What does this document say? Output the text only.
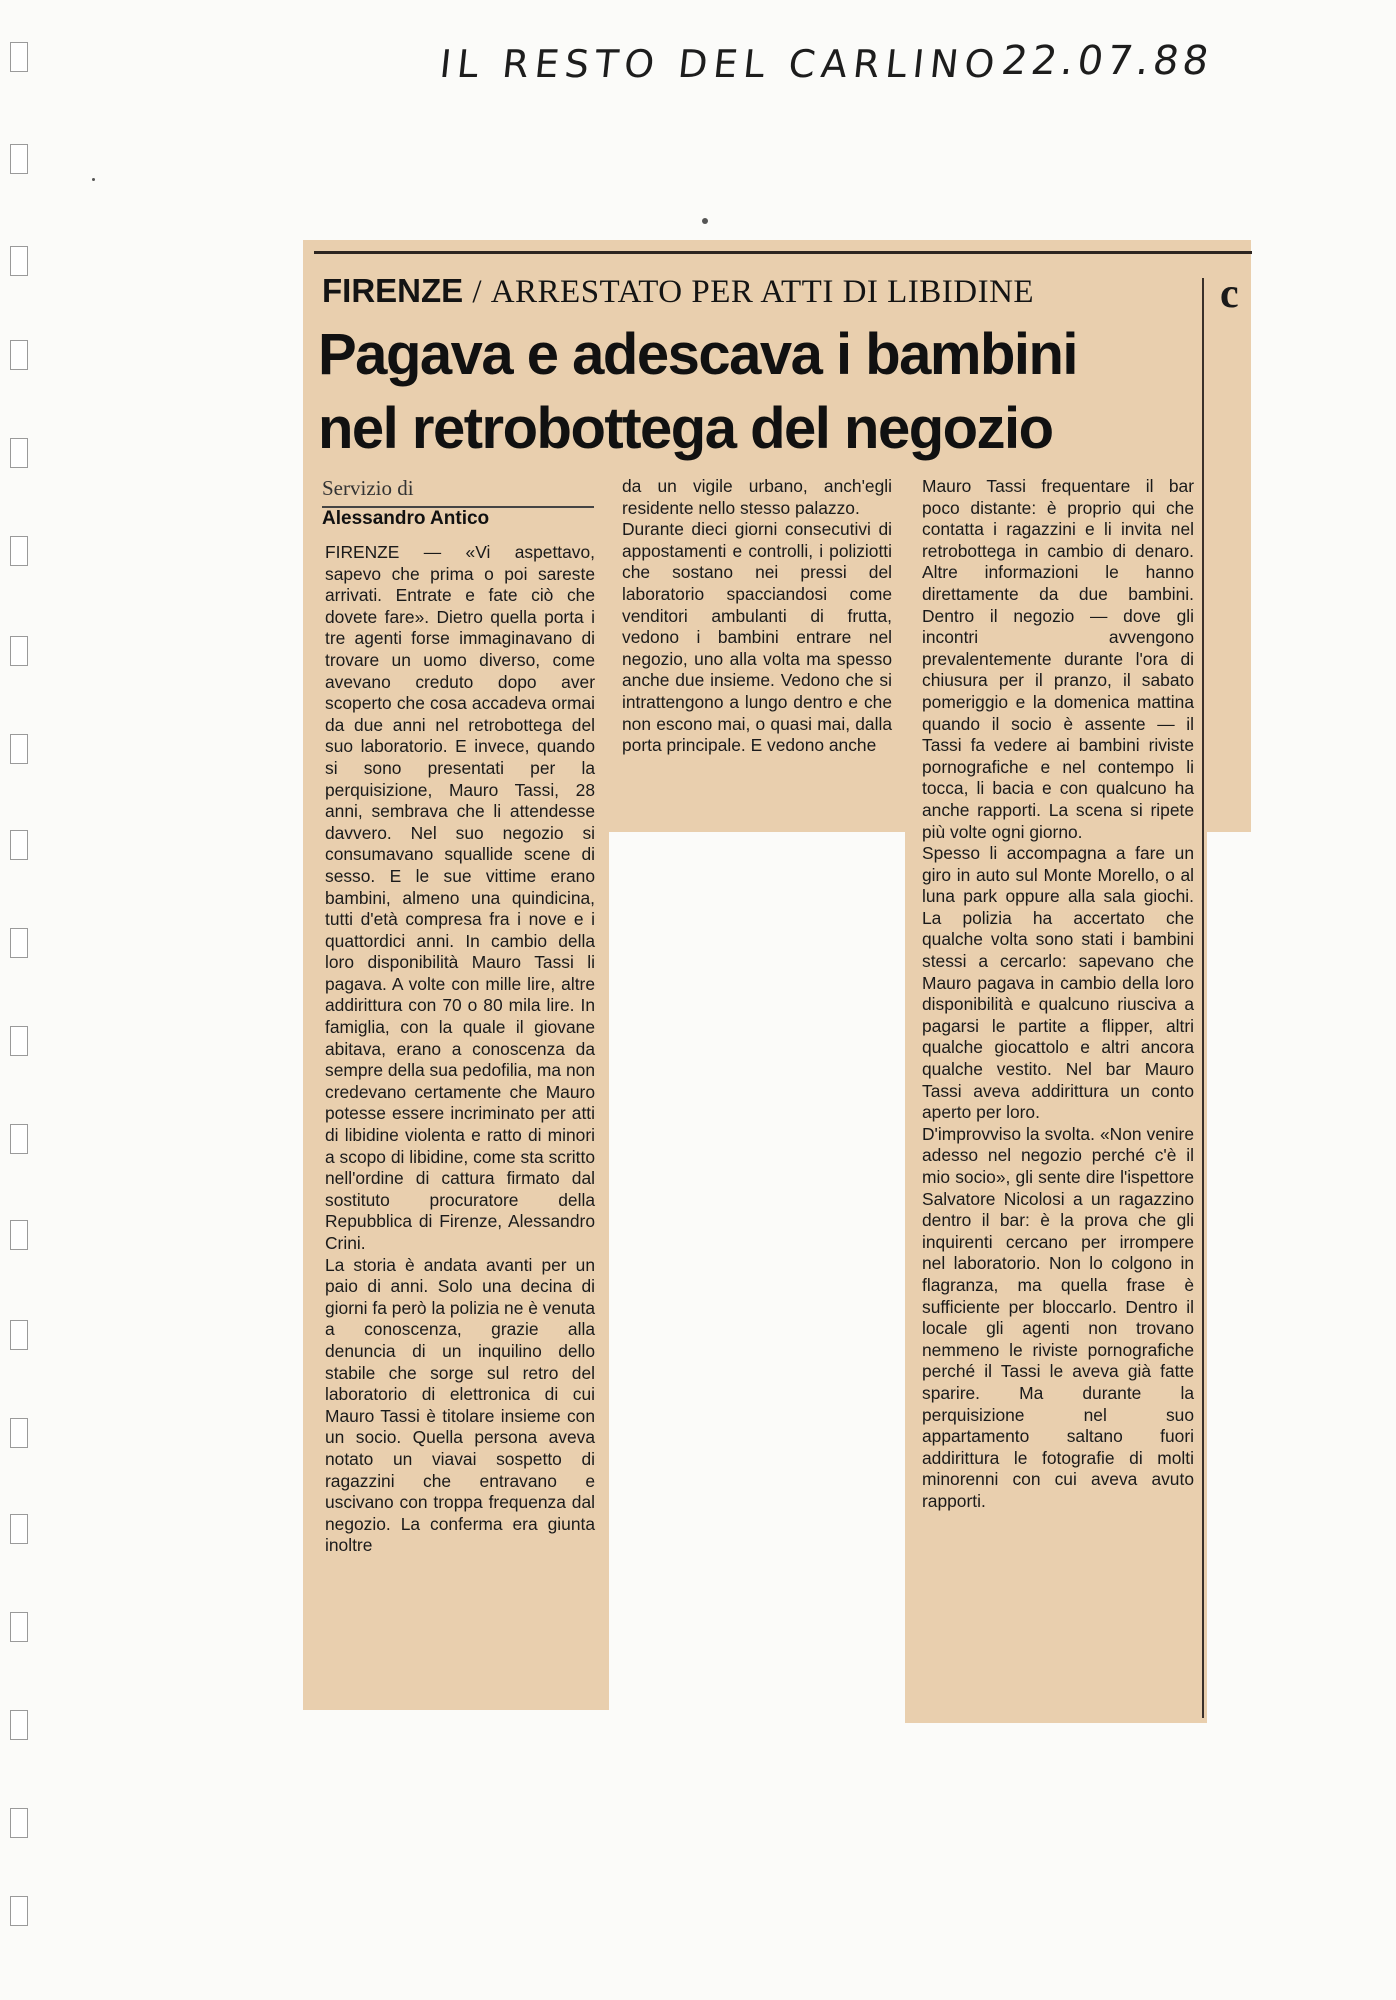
IL RESTO DEL CARLINO
22.07.88
c
FIRENZE / ARRESTATO PER ATTI DI LIBIDINE
Pagava e adescava i bambini
nel retrobottega del negozio
Servizio di
Alessandro Antico

FIRENZE — «Vi aspettavo, sapevo che prima o poi sareste arrivati. Entrate e fate ciò che dovete fare». Dietro quella porta i tre agenti forse immaginavano di trovare un uomo diverso, come avevano creduto dopo aver scoperto che cosa accadeva ormai da due anni nel retrobottega del suo laboratorio. E invece, quando si sono presentati per la perquisizione, Mauro Tassi, 28 anni, sembrava che li attendesse davvero. Nel suo negozio si consumavano squallide scene di sesso. E le sue vittime erano bambini, almeno una quindicina, tutti d'età compresa fra i nove e i quattordici anni. In cambio della loro disponibilità Mauro Tassi li pagava. A volte con mille lire, altre addirittura con 70 o 80 mila lire. In famiglia, con la quale il giovane abitava, erano a conoscenza da sempre della sua pedofilia, ma non credevano certamente che Mauro potesse essere incriminato per atti di libidine violenta e ratto di minori a scopo di libidine, come sta scritto nell'ordine di cattura firmato dal sostituto procuratore della Repubblica di Firenze, Alessandro Crini.

La storia è andata avanti per un paio di anni. Solo una decina di giorni fa però la polizia ne è venuta a conoscenza, grazie alla denuncia di un inquilino dello stabile che sorge sul retro del laboratorio di elettronica di cui Mauro Tassi è titolare insieme con un socio. Quella persona aveva notato un viavai sospetto di ragazzini che entravano e uscivano con troppa frequenza dal negozio. La conferma era giunta inoltre

da un vigile urbano, anch'egli residente nello stesso palazzo.

Durante dieci giorni consecutivi di appostamenti e controlli, i poliziotti che sostano nei pressi del laboratorio spacciandosi come venditori ambulanti di frutta, vedono i bambini entrare nel negozio, uno alla volta ma spesso anche due insieme. Vedono che si intrattengono a lungo dentro e che non escono mai, o quasi mai, dalla porta principale. E vedono anche

Mauro Tassi frequentare il bar poco distante: è proprio qui che contatta i ragazzini e li invita nel retrobottega in cambio di denaro. Altre informazioni le hanno direttamente da due bambini. Dentro il negozio — dove gli incontri avvengono prevalentemente durante l'ora di chiusura per il pranzo, il sabato pomeriggio e la domenica mattina quando il socio è assente — il Tassi fa vedere ai bambini riviste pornografiche e nel contempo li tocca, li bacia e con qualcuno ha anche rapporti. La scena si ripete più volte ogni giorno.

Spesso li accompagna a fare un giro in auto sul Monte Morello, o al luna park oppure alla sala giochi. La polizia ha accertato che qualche volta sono stati i bambini stessi a cercarlo: sapevano che Mauro pagava in cambio della loro disponibilità e qualcuno riusciva a pagarsi le partite a flipper, altri qualche giocattolo e altri ancora qualche vestito. Nel bar Mauro Tassi aveva addirittura un conto aperto per loro.

D'improvviso la svolta. «Non venire adesso nel negozio perché c'è il mio socio», gli sente dire l'ispettore Salvatore Nicolosi a un ragazzino dentro il bar: è la prova che gli inquirenti cercano per irrompere nel laboratorio. Non lo colgono in flagranza, ma quella frase è sufficiente per bloccarlo. Dentro il locale gli agenti non trovano nemmeno le riviste pornografiche perché il Tassi le aveva già fatte sparire. Ma durante la perquisizione nel suo appartamento saltano fuori addirittura le fotografie di molti minorenni con cui aveva avuto rapporti.
